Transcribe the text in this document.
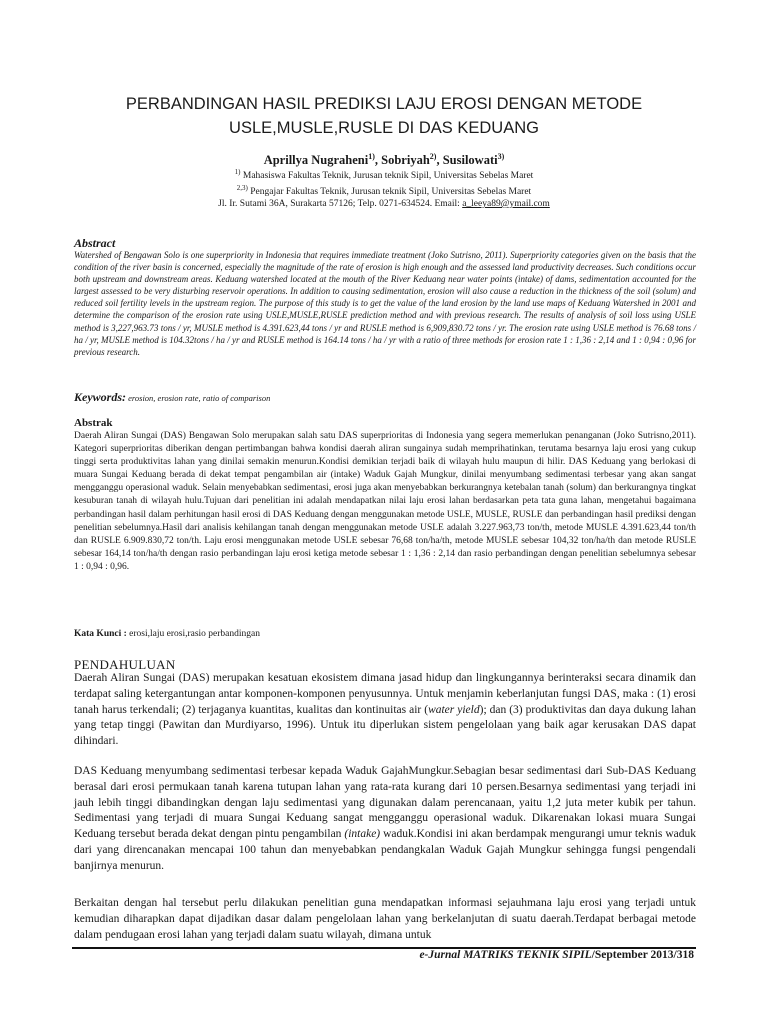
PERBANDINGAN HASIL PREDIKSI LAJU EROSI DENGAN METODE
USLE,MUSLE,RUSLE DI DAS KEDUANG
Aprillya Nugraheni$^{1)}$, Sobriyah$^{2)}$, Susilowati$^{3)}$
$^{1)}$ Mahasiswa Fakultas Teknik, Jurusan teknik Sipil, Universitas Sebelas Maret
$^{2,3)}$ Pengajar Fakultas Teknik, Jurusan teknik Sipil, Universitas Sebelas Maret
Jl. Ir. Sutami 36A, Surakarta 57126; Telp. 0271-634524. Email: a_leeya89@ymail.com
Abstract
Watershed of Bengawan Solo is one superpriority in Indonesia that requires immediate treatment (Joko Sutrisno, 2011). Superpriority categories given on the basis that the condition of the river basin is concerned, especially the magnitude of the rate of erosion is high enough and the assessed land productivity decreases. Such conditions occur both upstream and downstream areas. Keduang watershed located at the mouth of the River Keduang near water points (intake) of dams, sedimentation accounted for the largest assessed to be very disturbing reservoir operations. In addition to causing sedimentation, erosion will also cause a reduction in the thickness of the soil (solum) and reduced soil fertility levels in the upstream region. The purpose of this study is to get the value of the land erosion by the land use maps of Keduang Watershed in 2001 and determine the comparison of the erosion rate using USLE,MUSLE,RUSLE prediction method and with previous research. The results of analysis of soil loss using USLE method is 3,227,963.73 tons / yr, MUSLE method is 4.391.623,44 tons / yr and RUSLE method is 6,909,830.72 tons / yr. The erosion rate using USLE method is 76.68 tons / ha / yr, MUSLE method is 104.32tons / ha / yr and RUSLE method is 164.14 tons / ha / yr with a ratio of three methods for erosion rate 1 : 1,36 : 2,14 and 1 : 0,94 : 0,96 for previous research.
Keywords: erosion, erosion rate, ratio of comparison
Abstrak
Daerah Aliran Sungai (DAS) Bengawan Solo merupakan salah satu DAS superprioritas di Indonesia yang segera memerlukan penanganan (Joko Sutrisno,2011). Kategori superprioritas diberikan dengan pertimbangan bahwa kondisi daerah aliran sungainya sudah memprihatinkan, terutama besarnya laju erosi yang cukup tinggi serta produktivitas lahan yang dinilai semakin menurun.Kondisi demikian terjadi baik di wilayah hulu maupun di hilir. DAS Keduang yang berlokasi di muara Sungai Keduang berada di dekat tempat pengambilan air (intake) Waduk Gajah Mungkur, dinilai menyumbang sedimentasi terbesar yang akan sangat mengganggu operasional waduk. Selain menyebabkan sedimentasi, erosi juga akan menyebabkan berkurangnya ketebalan tanah (solum) dan berkurangnya tingkat kesuburan tanah di wilayah hulu.Tujuan dari penelitian ini adalah mendapatkan nilai laju erosi lahan berdasarkan peta tata guna lahan, mengetahui bagaimana perbandingan hasil dalam perhitungan hasil erosi di DAS Keduang dengan menggunakan metode USLE, MUSLE, RUSLE dan perbandingan hasil prediksi dengan penelitian sebelumnya.Hasil dari analisis kehilangan tanah dengan menggunakan metode USLE adalah 3.227.963,73 ton/th, metode MUSLE 4.391.623,44 ton/th dan RUSLE 6.909.830,72 ton/th. Laju erosi menggunakan metode USLE sebesar 76,68 ton/ha/th, metode MUSLE sebesar 104,32 ton/ha/th dan metode RUSLE sebesar 164,14 ton/ha/th dengan rasio perbandingan laju erosi ketiga metode sebesar 1 : 1,36 : 2,14 dan rasio perbandingan dengan penelitian sebelumnya sebesar 1 : 0,94 : 0,96.
Kata Kunci : erosi,laju erosi,rasio perbandingan
PENDAHULUAN
Daerah Aliran Sungai (DAS) merupakan kesatuan ekosistem dimana jasad hidup dan lingkungannya berinteraksi secara dinamik dan terdapat saling ketergantungan antar komponen-komponen penyusunnya. Untuk menjamin keberlanjutan fungsi DAS, maka : (1) erosi tanah harus terkendali; (2) terjaganya kuantitas, kualitas dan kontinuitas air (water yield); dan (3) produktivitas dan daya dukung lahan yang tetap tinggi (Pawitan dan Murdiyarso, 1996). Untuk itu diperlukan sistem pengelolaan yang baik agar kerusakan DAS dapat dihindari.
DAS Keduang menyumbang sedimentasi terbesar kepada Waduk GajahMungkur.Sebagian besar sedimentasi dari Sub-DAS Keduang berasal dari erosi permukaan tanah karena tutupan lahan yang rata-rata kurang dari 10 persen.Besarnya sedimentasi yang terjadi ini jauh lebih tinggi dibandingkan dengan laju sedimentasi yang digunakan dalam perencanaan, yaitu 1,2 juta meter kubik per tahun. Sedimentasi yang terjadi di muara Sungai Keduang sangat mengganggu operasional waduk. Dikarenakan lokasi muara Sungai Keduang tersebut berada dekat dengan pintu pengambilan (intake) waduk.Kondisi ini akan berdampak mengurangi umur teknis waduk dari yang direncanakan mencapai 100 tahun dan menyebabkan pendangkalan Waduk Gajah Mungkur sehingga fungsi pengendali banjirnya menurun.
Berkaitan dengan hal tersebut perlu dilakukan penelitian guna mendapatkan informasi sejauhmana laju erosi yang terjadi untuk kemudian diharapkan dapat dijadikan dasar dalam pengelolaan lahan yang berkelanjutan di suatu daerah.Terdapat berbagai metode dalam pendugaan erosi lahan yang terjadi dalam suatu wilayah, dimana untuk
e-Jurnal MATRIKS TEKNIK SIPIL/September 2013/318
